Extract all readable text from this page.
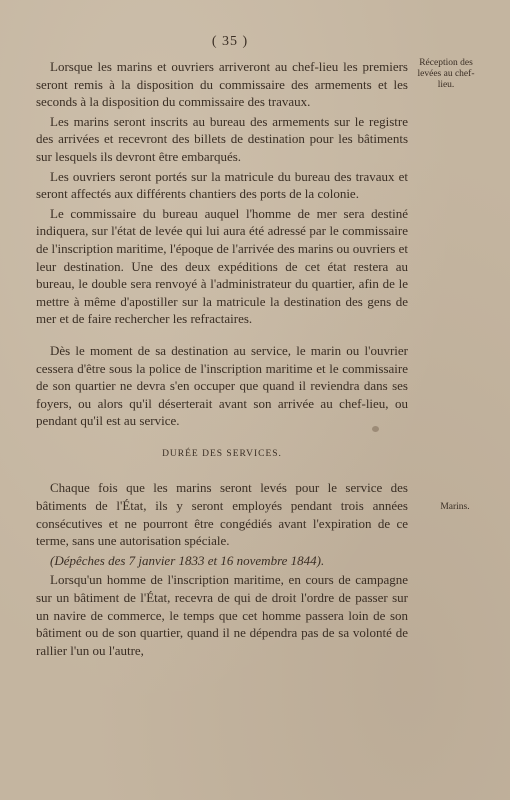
( 35 )
Réception des levées au chef-lieu.
Marins.

Lorsque les marins et ouvriers arriveront au chef-lieu les premiers seront remis à la disposition du commissaire des armements et les seconds à la disposition du commissaire des travaux.

Les marins seront inscrits au bureau des armements sur le registre des arrivées et recevront des billets de destination pour les bâtiments sur lesquels ils devront être embarqués.

Les ouvriers seront portés sur la matricule du bureau des travaux et seront affectés aux différents chantiers des ports de la colonie.

Le commissaire du bureau auquel l'homme de mer sera destiné indiquera, sur l'état de levée qui lui aura été adressé par le commissaire de l'inscription maritime, l'époque de l'arrivée des marins ou ouvriers et leur destination. Une des deux expéditions de cet état restera au bureau, le double sera renvoyé à l'administrateur du quartier, afin de le mettre à même d'apostiller sur la matricule la destination des gens de mer et de faire rechercher les refractaires.

Dès le moment de sa destination au service, le marin ou l'ouvrier cessera d'être sous la police de l'inscription maritime et le commissaire de son quartier ne devra s'en occuper que quand il reviendra dans ses foyers, ou alors qu'il déserterait avant son arrivée au chef-lieu, ou pendant qu'il est au service.

DURÉE DES SERVICES.

Chaque fois que les marins seront levés pour le service des bâtiments de l'État, ils y seront employés pendant trois années consécutives et ne pourront être congédiés avant l'expiration de ce terme, sans une autorisation spéciale.

(Dépêches des 7 janvier 1833 et 16 novembre 1844).

Lorsqu'un homme de l'inscription maritime, en cours de campagne sur un bâtiment de l'État, recevra de qui de droit l'ordre de passer sur un navire de commerce, le temps que cet homme passera loin de son bâtiment ou de son quartier, quand il ne dépendra pas de sa volonté de rallier l'un ou l'autre,
